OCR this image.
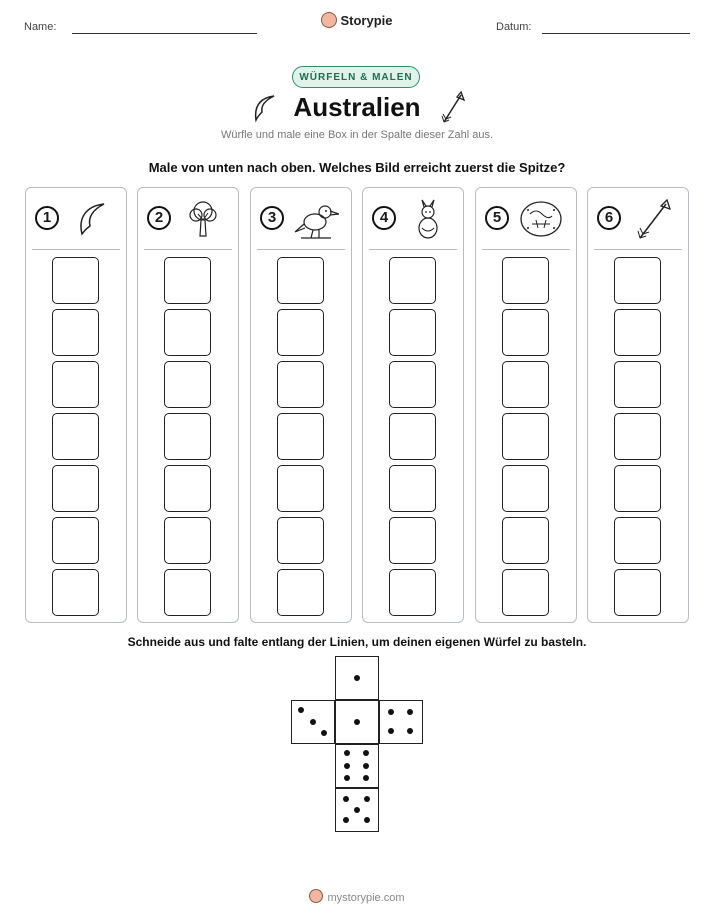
Name:	Storypie	Datum:
WÜRFELN & MALEN
Australien
Würfle und male eine Box in der Spalte dieser Zahl aus.
Male von unten nach oben. Welches Bild erreicht zuerst die Spitze?
1	2	3	4	5	6
Schneide aus und falte entlang der Linien, um deinen eigenen Würfel zu basteln.
mystorypie.com
